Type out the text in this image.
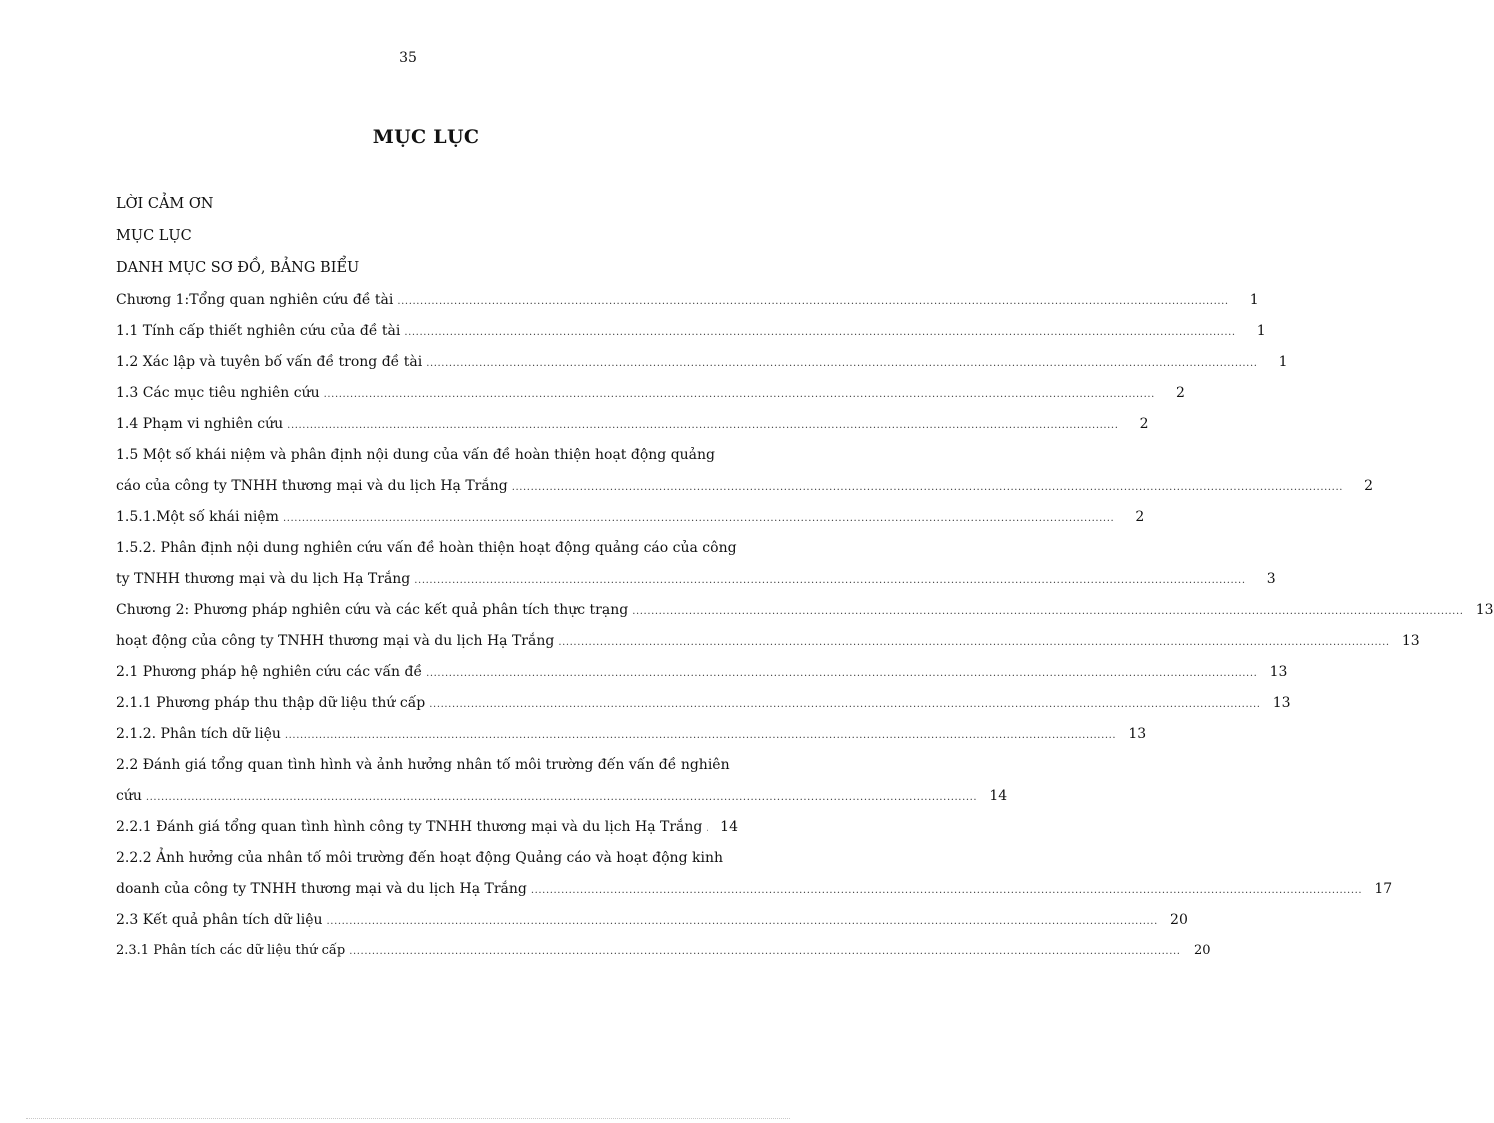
35
MỤC LỤC
LỜI CẢM ƠN
MỤC LỤC
DANH MỤC SƠ ĐỒ, BẢNG BIỂU
Chương 1:Tổng quan nghiên cứu đề tài ............................................................................................................................................................................................................................	1
1.1 Tính cấp thiết nghiên cứu của đề tài ............................................................................................................................................................................................................................	1
1.2 Xác lập và tuyên bố vấn đề trong đề tài ............................................................................................................................................................................................................................	1
1.3 Các mục tiêu nghiên cứu ............................................................................................................................................................................................................................	2
1.4 Phạm vi nghiên cứu ............................................................................................................................................................................................................................	2
1.5 Một số khái niệm và phân định nội dung của vấn đề hoàn thiện hoạt động quảng
cáo của công ty TNHH thương mại và du lịch Hạ Trắng ............................................................................................................................................................................................................................	2
1.5.1.Một số khái niệm ............................................................................................................................................................................................................................	2
1.5.2. Phân định nội dung nghiên cứu vấn đề hoàn thiện hoạt động quảng cáo của công
ty TNHH thương mại và du lịch Hạ Trắng ............................................................................................................................................................................................................................	3
Chương 2: Phương pháp nghiên cứu và các kết quả phân tích thực trạng ............................................................................................................................................................................................................................ 13
hoạt động của công ty TNHH thương mại và du lịch Hạ Trắng ............................................................................................................................................................................................................................ 13
2.1 Phương pháp hệ nghiên cứu các vấn đề ............................................................................................................................................................................................................................ 13
2.1.1 Phương pháp thu thập dữ liệu thứ cấp ............................................................................................................................................................................................................................ 13
2.1.2. Phân tích dữ liệu ............................................................................................................................................................................................................................ 13
2.2 Đánh giá tổng quan tình hình và ảnh hưởng nhân tố môi trường đến vấn đề nghiên
cứu ............................................................................................................................................................................................................................ 14
2.2.1 Đánh giá tổng quan tình hình công ty TNHH thương mại và du lịch Hạ Trắng	14
2.2.2 Ảnh hưởng của nhân tố môi trường đến hoạt động Quảng cáo và hoạt động kinh
doanh của công ty TNHH thương mại và du lịch Hạ Trắng ............................................................................................................................................................................................................................ 17
2.3 Kết quả phân tích dữ liệu ............................................................................................................................................................................................................................ 20
2.3.1 Phân tích các dữ liệu thứ cấp ............................................................................................................................................................................................................................	20
